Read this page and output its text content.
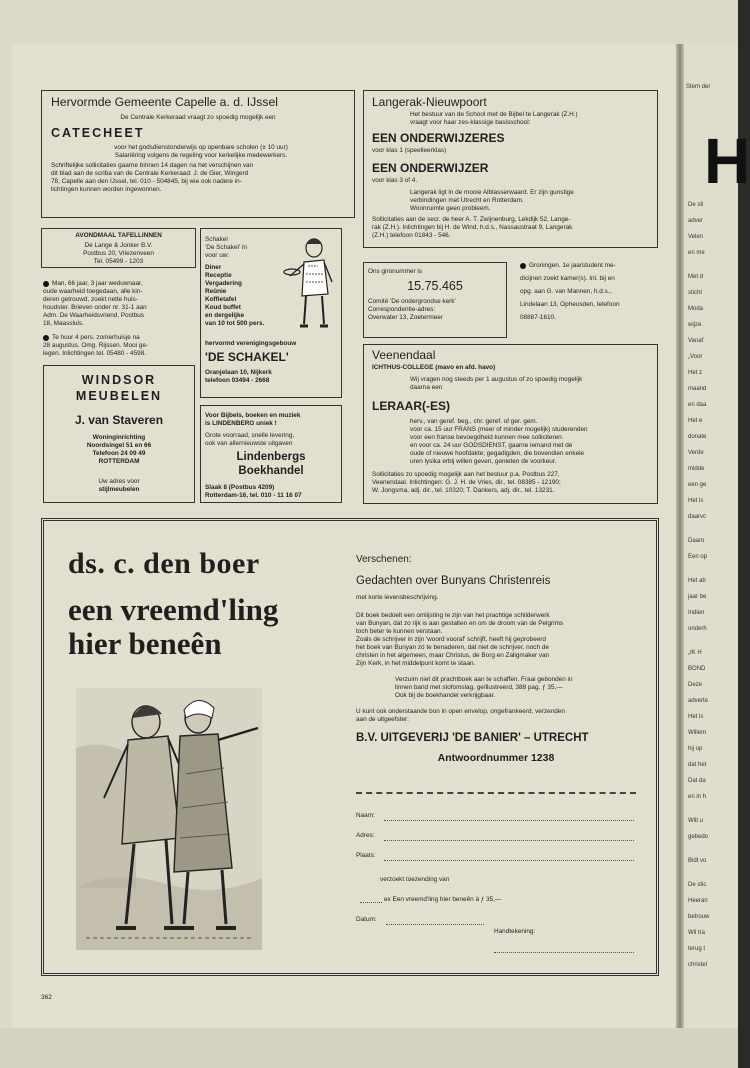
Hervormde Gemeente Capelle a. d. IJssel
De Centrale Kerkeraad vraagt zo spoedig mogelijk een
CATECHEET
voor het godsdienstonderwijs op openbare scholen (± 10 uur)
Salariëring volgens de regeling voor kerkelijke medewerkers.
Schriftelijke sollicitaties gaarne binnen 14 dagen na het verschijnen van
dit blad aan de scriba van de Centrale Kerkeraad: J. de Gier, Wingerd
78, Capelle aan den IJssel, tel. 010 - 504845, bij wie ook nadere in-
lichtingen kunnen worden ingewonnen.
Langerak-Nieuwpoort
Het bestuur van de School met de Bijbel te Langerak (Z.H.)
vraagt voor haar zes-klassige basisschool:
EEN ONDERWIJZERES
voor klas 1 (speelleerklas)
EEN ONDERWIJZER
voor klas 3 of 4.
Langerak ligt in de mooie Alblasserwaard. Er zijn gunstige
verbindingen met Utrecht en Rotterdam.
Woonruimte geen probleem.
Sollicitaties aan de secr. de heer A. T. Zwijnenburg, Lekdijk 52, Lange-
rak (Z.H.). Inlichtingen bij H. de Wind, h.d.s., Nassaustraat 9, Langerak
(Z.H.) telefoon 01843 - 546.
AVONDMAAL TAFELLINNEN
De Lange & Jonker B.V.
Postbus 20, Vriezenveen
Tel. 05499 - 1203
Man, 66 jaar, 3 jaar weduwnaar,
oude waarheid toegedaan, alle kin-
deren getrouwd, zoekt nette huis-
houdster. Brieven onder nr. 31-1 aan
Adm. De Waarheidsvriend, Postbus
18, Maassluis.
Te huur 4 pers. zomerhuisje na
28 augustus. Omg. Rijssen. Mooi ge-
legen. Inlichtingen tel. 05480 - 4598.
WINDSOR
MEUBELEN
J. van Staveren
Woninginrichting
Noordsingel 51 en 66
Telefoon 24 09 49
ROTTERDAM
Uw adres voor
stijlmeubelen
Schakel
'De Schakel' in
voor uw:
Diner
Receptie
Vergadering
Reünie
Koffietafel
Koud buffet
en dergelijke
van 10 tot 500 pers.
hervormd verenigingsgebouw
'DE SCHAKEL'
Oranjelaan 10, Nijkerk
telefoon 03494 - 2668
Voor Bijbels, boeken en muziek
is LINDENBERG uniek !
Grote voorraad, snelle levering,
ook van allernieuwste uitgaven
Lindenbergs
Boekhandel
Slaak 8 (Postbus 4209)
Rotterdam-16, tel. 010 - 11 16 07
Ons gironummer is
15.75.465
Comité 'De ondergrondse kerk'
Correspondentie-adres:
Overwater 13, Zoetermeer
Groningen. 1e jaarstudent me-
dicijnen zoekt kamer(s). Inl. bij en
opg. aan G. van Mannen, h.d.s.,
Lindelaan 13, Opheusden, telefoon
08887-1610.
Veenendaal
ICHTHUS-COLLEGE (mavo en afd. havo)
Wij vragen nog steeds per 1 augustus of zo spoedig mogelijk
daarna een
LERAAR(-ES)
herv., van geref. beg., chr. geref. of ger. gem.
voor ca. 15 uur FRANS (meer of minder mogelijk) studerenden
voor een franse bevoegdheid kunnen mee solliciteren.
en voor ca. 24 uur GODSDIENST, gaarne iemand met de
oude of nieuwe hoofdakte; gegadigden, die bovendien enkele
uren lysika erbij willen geven, genieten de voorkeur.
Sollicitaties zo spoedig mogelijk aan het bestuur p.a. Postbus 227,
Veenendaal. Inlichtingen: G. J. H. de Vries, dir., tel. 08385 - 12190;
W. Jongsma, adj. dir., tel. 10320; T. Dankers, adj. dir., tel. 13231.
ds. c. den boer
een vreemd'ling
hier beneên
Verschenen:
Gedachten over Bunyans Christenreis
met korte levensbeschrijving.
Dit boek bedoelt een omlijsting te zijn van het prachtige schilderwerk
van Bunyan, dat zo rijk is aan gestalten en om de droom van de Pelgrims
toch beter te kunnen verstaan.
Zoals de schrijver in zijn 'woord vooraf' schrijft, heeft hij geprobeerd
het boek van Bunyan zó te benaderen, dat niet de schrijver, noch de
christen in het algemeen, maar Christus, de Borg en Zaligmaker van
Zijn Kerk, in het middelpunt komt te staan.
Verzuim niet dit prachtboek aan te schaffen. Fraai gebonden in
linnen band met stofomslag, geïllustreerd, 388 pag. ƒ 35,—
Ook bij de boekhandel verkrijgbaar.
U kunt ook onderstaande bon in open envelop, ongefrankeerd, verzenden
aan de uitgeefster:
B.V. UITGEVERIJ 'DE BANIER' – UTRECHT
Antwoordnummer 1238
Naam:
Adres:
Plaats:
verzoekt toezending van
ex Een vreemd'ling hier beneên à ƒ 35,—
Datum:
Handtekening:
362
Stem der
H
De sti
adver
Velen
en me
Met d
sticht
Moda
wijze.
Vanaf
„Voor
Het z
maand
en daa
Het e
donate
Verde
midde
een ge
Het is
daarvc
Daaro
Een op
Het ab
jaar be
Indien
onderh
„IK H
BOND
Deze
adverte
Het is
Willem
hij op
dat het
Dat da
en in h
Wilt u
gebedo
Bidt vo
De stic
Heeran
betrouw
Wil tra
terug t
christel
